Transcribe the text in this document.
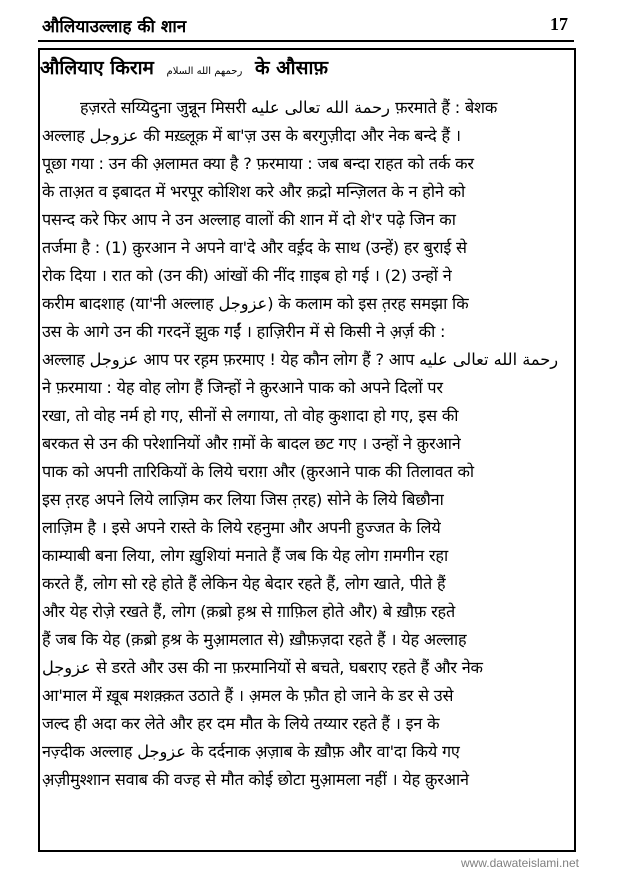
औलियाउल्लाह की शान	17
औलियाए किराम رحمهم الله السلام के औसाफ़
हज़रते सय्यिदुना जुन्नून मिसरी رحمة الله تعالى عليه फ़रमाते हैं : बेशक
अल्लाह عزوجل की मख़्लूक़ में बा'ज़ उस के बरगुज़ीदा और नेक बन्दे हैं ।
पूछा गया : उन की अ़लामत क्या है ? फ़रमाया : जब बन्दा राहत को तर्क कर
के ताअ़त व इबादत में भरपूर कोशिश करे और क़द्रो मन्ज़िलत के न होने को
पसन्द करे फिर आप ने उन अल्लाह वालों की शान में दो शे'र पढ़े जिन का
तर्जमा है : (1) क़ुरआन ने अपने वा'दे और वई़द के साथ (उन्हें) हर बुराई से
रोक दिया । रात को (उन की) आंखों की नींद ग़ाइब हो गई । (2) उन्हों ने
करीम बादशाह (या'नी अल्लाह عزوجل) के कलाम को इस त़रह समझा कि
उस के आगे उन की गरदनें झुक गईं । हाज़िरीन में से किसी ने अ़र्ज़ की :
अल्लाह عزوجل आप पर रह़म फ़रमाए ! येह कौन लोग हैं ? आप رحمة الله تعالى عليه
ने फ़रमाया : येह वोह लोग हैं जिन्हों ने क़ुरआने पाक को अपने दिलों पर
रखा, तो वोह नर्म हो गए, सीनों से लगाया, तो वोह कुशादा हो गए, इस की
बरकत से उन की परेशानियों और ग़मों के बादल छट गए । उन्हों ने क़ुरआने
पाक को अपनी तारिकियों के लिये चराग़ और (क़ुरआने पाक की तिलावत को
इस त़रह अपने लिये लाज़िम कर लिया जिस त़रह) सोने के लिये बिछौना
लाज़िम है । इसे अपने रास्ते के लिये रहनुमा और अपनी हुज्जत के लिये
काम्याबी बना लिया, लोग ख़ुशियां मनाते हैं जब कि येह लोग ग़मगीन रहा
करते हैं, लोग सो रहे होते हैं लेकिन येह बेदार रहते हैं, लोग खाते, पीते हैं
और येह रोज़े रखते हैं, लोग (क़ब्रो ह़श्र से ग़ाफ़िल होते और) बे ख़ौफ़ रहते
हैं जब कि येह (क़ब्रो ह़श्र के मुआ़मलात से) ख़ौफ़ज़दा रहते हैं । येह अल्लाह
عزوجل से डरते और उस की ना फ़रमानियों से बचते, घबराए रहते हैं और नेक
आ'माल में ख़ूब मशक़्क़त उठाते हैं । अ़मल के फ़ौत हो जाने के डर से उसे
जल्द ही अदा कर लेते और हर दम मौत के लिये तय्यार रहते हैं । इन के
नज़्दीक अल्लाह عزوجل के दर्दनाक अ़ज़ाब के ख़ौफ़ और वा'दा किये गए
अ़ज़ीमुश्शान सवाब की वज्ह से मौत कोई छोटा मुआ़मला नहीं । येह क़ुरआने
www.dawateislami.net
